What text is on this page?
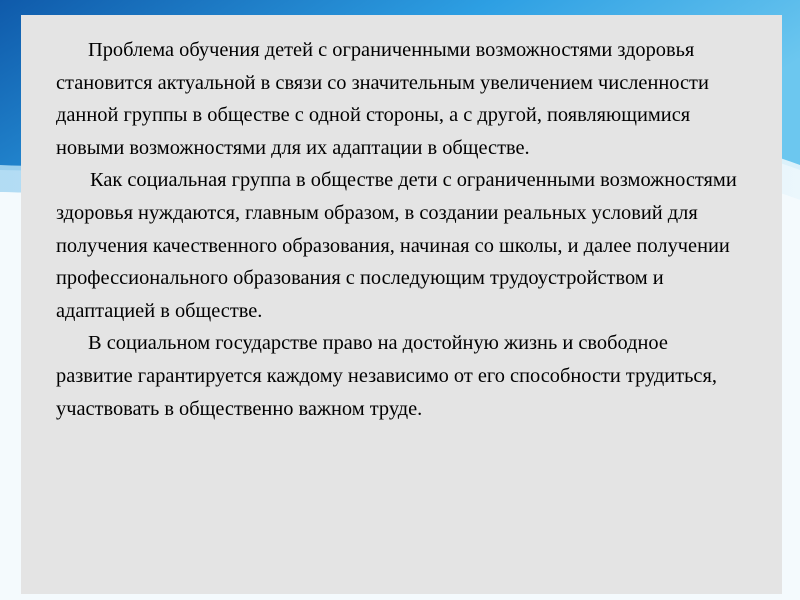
Проблема обучения детей с ограниченными возможностями здоровья становится актуальной в связи со значительным увеличением численности данной группы в обществе с одной стороны, а с другой, появляющимися новыми возможностями для их адаптации в обществе.

Как социальная группа в обществе дети с ограниченными возможностями здоровья нуждаются, главным образом, в создании реальных условий для получения качественного образования, начиная со школы, и далее получении профессионального образования с последующим трудоустройством и адаптацией в обществе.

В социальном государстве право на достойную жизнь и свободное развитие гарантируется каждому независимо от его способности трудиться, участвовать в общественно важном труде.
